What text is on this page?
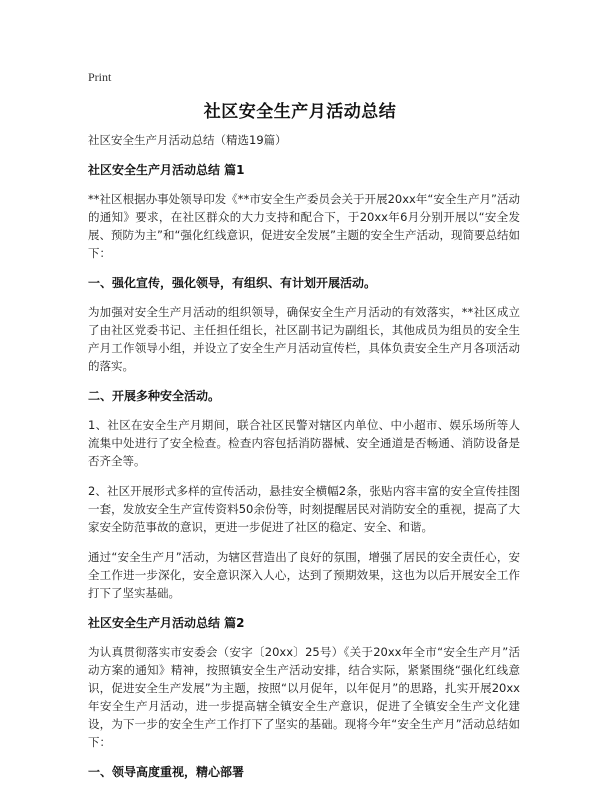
Print
社区安全生产月活动总结

社区安全生产月活动总结（精选19篇）

社区安全生产月活动总结 篇1

**社区根据办事处领导印发《**市安全生产委员会关于开展20xx年“安全生产月”活动的通知》要求，在社区群众的大力支持和配合下，于20xx年6月分别开展以“安全发展、预防为主”和“强化红线意识，促进安全发展”主题的安全生产活动，现简要总结如下：

一、强化宣传，强化领导，有组织、有计划开展活动。

为加强对安全生产月活动的组织领导，确保安全生产月活动的有效落实，**社区成立了由社区党委书记、主任担任组长，社区副书记为副组长，其他成员为组员的安全生产月工作领导小组，并设立了安全生产月活动宣传栏，具体负责安全生产月各项活动的落实。

二、开展多种安全活动。

1、社区在安全生产月期间，联合社区民警对辖区内单位、中小超市、娱乐场所等人流集中处进行了安全检查。检查内容包括消防器械、安全通道是否畅通、消防设备是否齐全等。

2、社区开展形式多样的宣传活动，悬挂安全横幅2条，张贴内容丰富的安全宣传挂图一套，发放安全生产宣传资料50余份等，时刻提醒居民对消防安全的重视，提高了大家安全防范事故的意识，更进一步促进了社区的稳定、安全、和谐。

通过“安全生产月”活动，为辖区营造出了良好的氛围，增强了居民的安全责任心，安全工作进一步深化，安全意识深入人心，达到了预期效果，这也为以后开展安全工作打下了坚实基础。

社区安全生产月活动总结 篇2

为认真贯彻落实市安委会（安字〔20xx〕25号）《关于20xx年全市“安全生产月”活动方案的通知》精神，按照镇安全生产活动安排，结合实际，紧紧围绕“强化红线意识，促进安全生产发展”为主题，按照“以月促年，以年促月”的思路，扎实开展20xx年安全生产月活动，进一步提高辖全镇安全生产意识，促进了全镇安全生产文化建设，为下一步的安全生产工作打下了坚实的基础。现将今年“安全生产月”活动总结如下：

一、领导高度重视，精心部署
